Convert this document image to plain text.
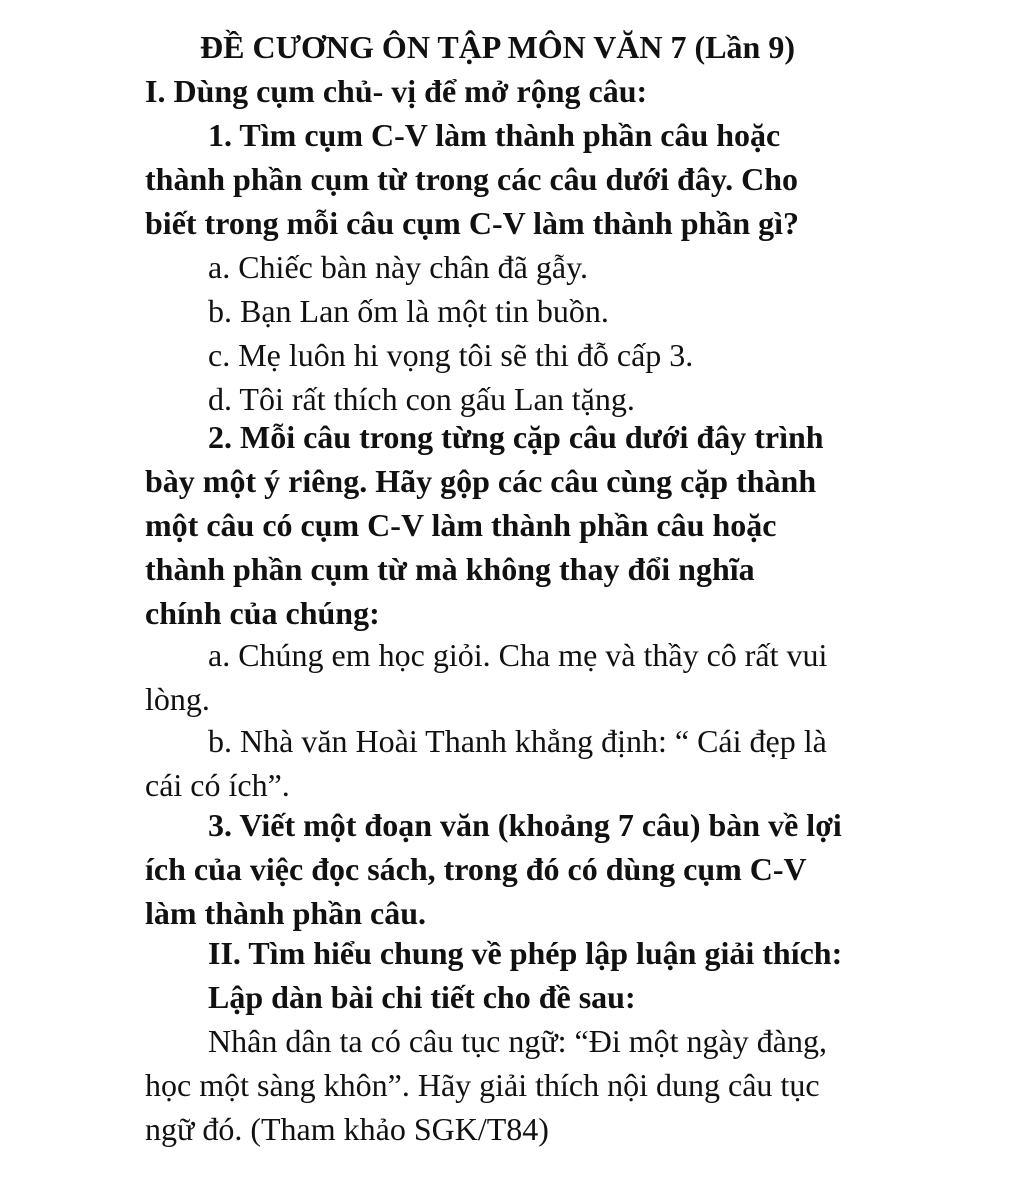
ĐỀ CƯƠNG ÔN TẬP MÔN VĂN 7 (Lần 9)
I. Dùng cụm chủ- vị để mở rộng câu:
1. Tìm cụm C-V làm thành phần câu hoặc
thành phần cụm từ trong các câu dưới đây. Cho
biết trong mỗi câu cụm C-V làm thành phần gì?
a. Chiếc bàn này chân đã gẫy.
b. Bạn Lan ốm là một tin buồn.
c. Mẹ luôn hi vọng tôi sẽ thi đỗ cấp 3.
d. Tôi rất thích con gấu Lan tặng.
2. Mỗi câu trong từng cặp câu dưới đây trình
bày một ý riêng. Hãy gộp các câu cùng cặp thành
một câu có cụm C-V làm thành phần câu hoặc
thành phần cụm từ mà không thay đổi nghĩa
chính của chúng:
a. Chúng em học giỏi. Cha mẹ và thầy cô rất vui
lòng.
b. Nhà văn Hoài Thanh khẳng định: “ Cái đẹp là
cái có ích”.
3. Viết một đoạn văn (khoảng 7 câu) bàn về lợi
ích của việc đọc sách, trong đó có dùng cụm C-V
làm thành phần câu.
II. Tìm hiểu chung về phép lập luận giải thích:
Lập dàn bài chi tiết cho đề sau:
Nhân dân ta có câu tục ngữ: “Đi một ngày đàng,
học một sàng khôn”. Hãy giải thích nội dung câu tục
ngữ đó. (Tham khảo SGK/T84)
